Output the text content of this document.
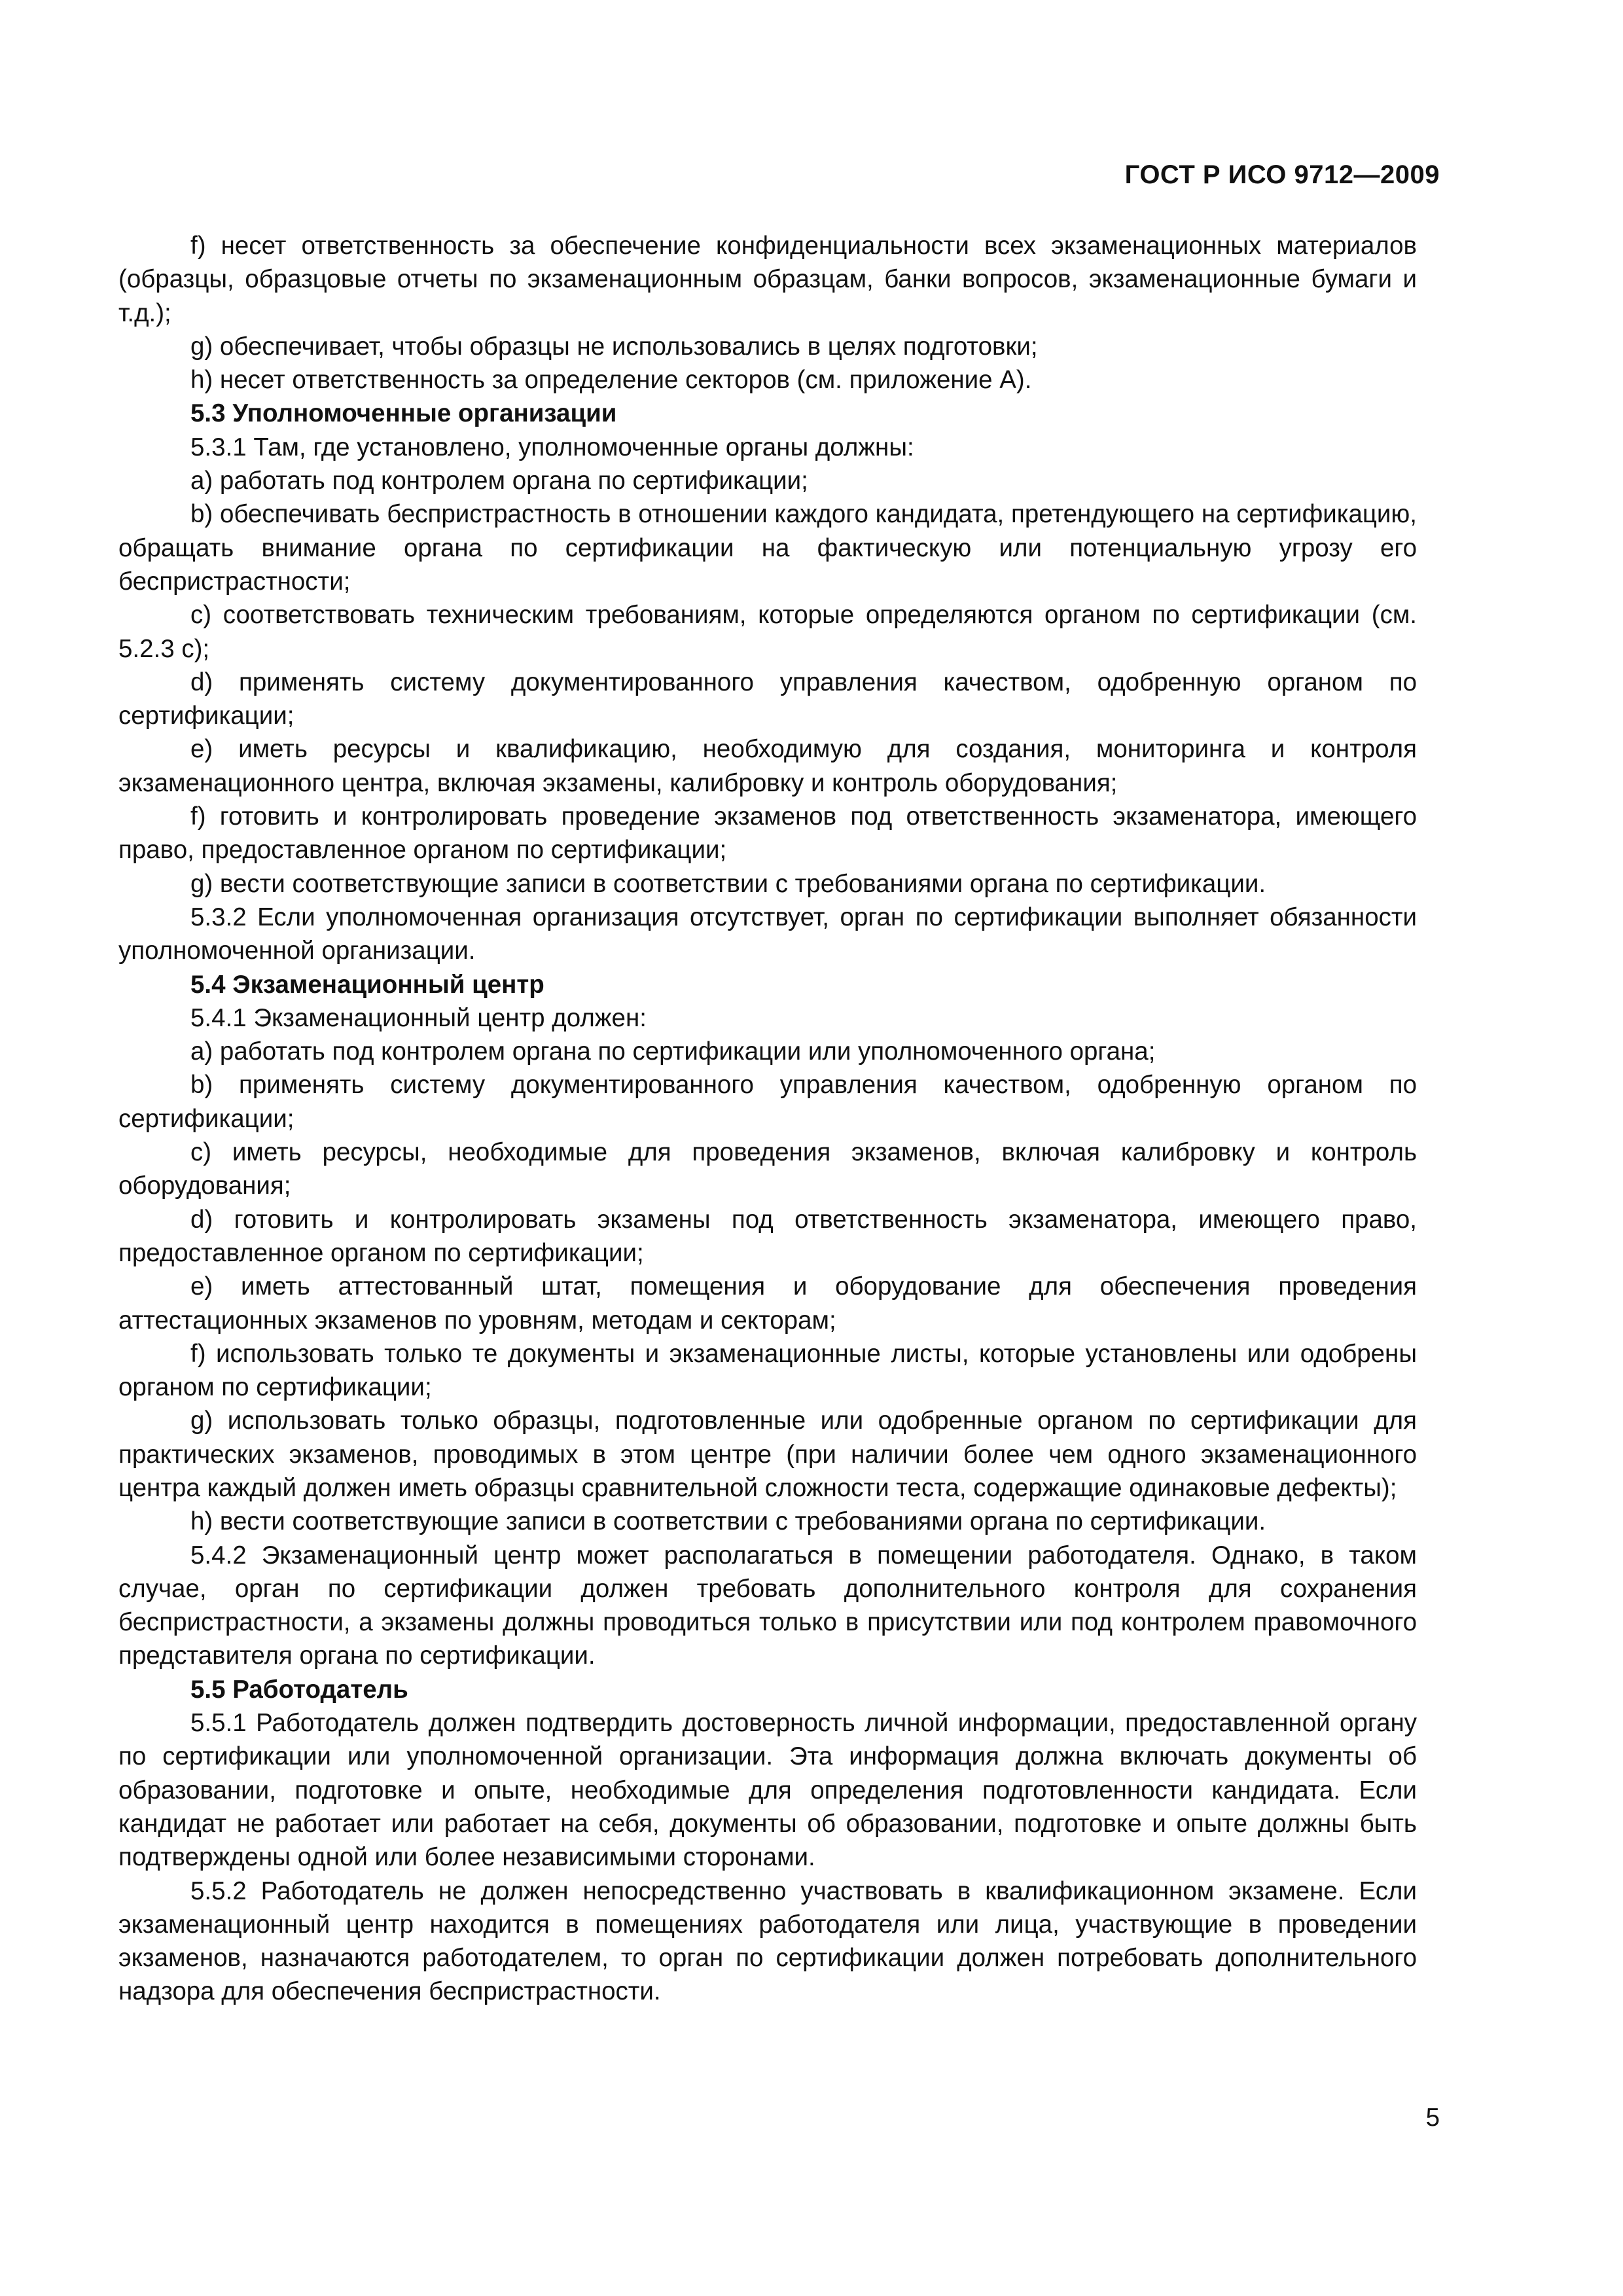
ГОСТ Р ИСО 9712—2009

f) несет ответственность за обеспечение конфиденциальности всех экзаменационных материалов (образцы, образцовые отчеты по экзаменационным образцам, банки вопросов, экзаменационные бумаги и т.д.);

g) обеспечивает, чтобы образцы не использовались в целях подготовки;

h) несет ответственность за определение секторов (см. приложение А).

5.3 Уполномоченные организации

5.3.1 Там, где установлено, уполномоченные органы должны:

a) работать под контролем органа по сертификации;

b) обеспечивать беспристрастность в отношении каждого кандидата, претендующего на сертификацию, обращать внимание органа по сертификации на фактическую или потенциальную угрозу его беспристрастности;

c) соответствовать техническим требованиям, которые определяются органом по сертификации (см. 5.2.3 c);

d) применять систему документированного управления качеством, одобренную органом по сертификации;

e) иметь ресурсы и квалификацию, необходимую для создания, мониторинга и контроля экзаменационного центра, включая экзамены, калибровку и контроль оборудования;

f) готовить и контролировать проведение экзаменов под ответственность экзаменатора, имеющего право, предоставленное органом по сертификации;

g) вести соответствующие записи в соответствии с требованиями органа по сертификации.

5.3.2 Если уполномоченная организация отсутствует, орган по сертификации выполняет обязанности уполномоченной организации.

5.4 Экзаменационный центр

5.4.1 Экзаменационный центр должен:

a) работать под контролем органа по сертификации или уполномоченного органа;

b) применять систему документированного управления качеством, одобренную органом по сертификации;

c) иметь ресурсы, необходимые для проведения экзаменов, включая калибровку и контроль оборудования;

d) готовить и контролировать экзамены под ответственность экзаменатора, имеющего право, предоставленное органом по сертификации;

e) иметь аттестованный штат, помещения и оборудование для обеспечения проведения аттестационных экзаменов по уровням, методам и секторам;

f) использовать только те документы и экзаменационные листы, которые установлены или одобрены органом по сертификации;

g) использовать только образцы, подготовленные или одобренные органом по сертификации для практических экзаменов, проводимых в этом центре (при наличии более чем одного экзаменационного центра каждый должен иметь образцы сравнительной сложности теста, содержащие одинаковые дефекты);

h) вести соответствующие записи в соответствии с требованиями органа по сертификации.

5.4.2 Экзаменационный центр может располагаться в помещении работодателя. Однако, в таком случае, орган по сертификации должен требовать дополнительного контроля для сохранения беспристрастности, а экзамены должны проводиться только в присутствии или под контролем правомочного представителя органа по сертификации.

5.5 Работодатель

5.5.1 Работодатель должен подтвердить достоверность личной информации, предоставленной органу по сертификации или уполномоченной организации. Эта информация должна включать документы об образовании, подготовке и опыте, необходимые для определения подготовленности кандидата. Если кандидат не работает или работает на себя, документы об образовании, подготовке и опыте должны быть подтверждены одной или более независимыми сторонами.

5.5.2 Работодатель не должен непосредственно участвовать в квалификационном экзамене. Если экзаменационный центр находится в помещениях работодателя или лица, участвующие в проведении экзаменов, назначаются работодателем, то орган по сертификации должен потребовать дополнительного надзора для обеспечения беспристрастности.

5
